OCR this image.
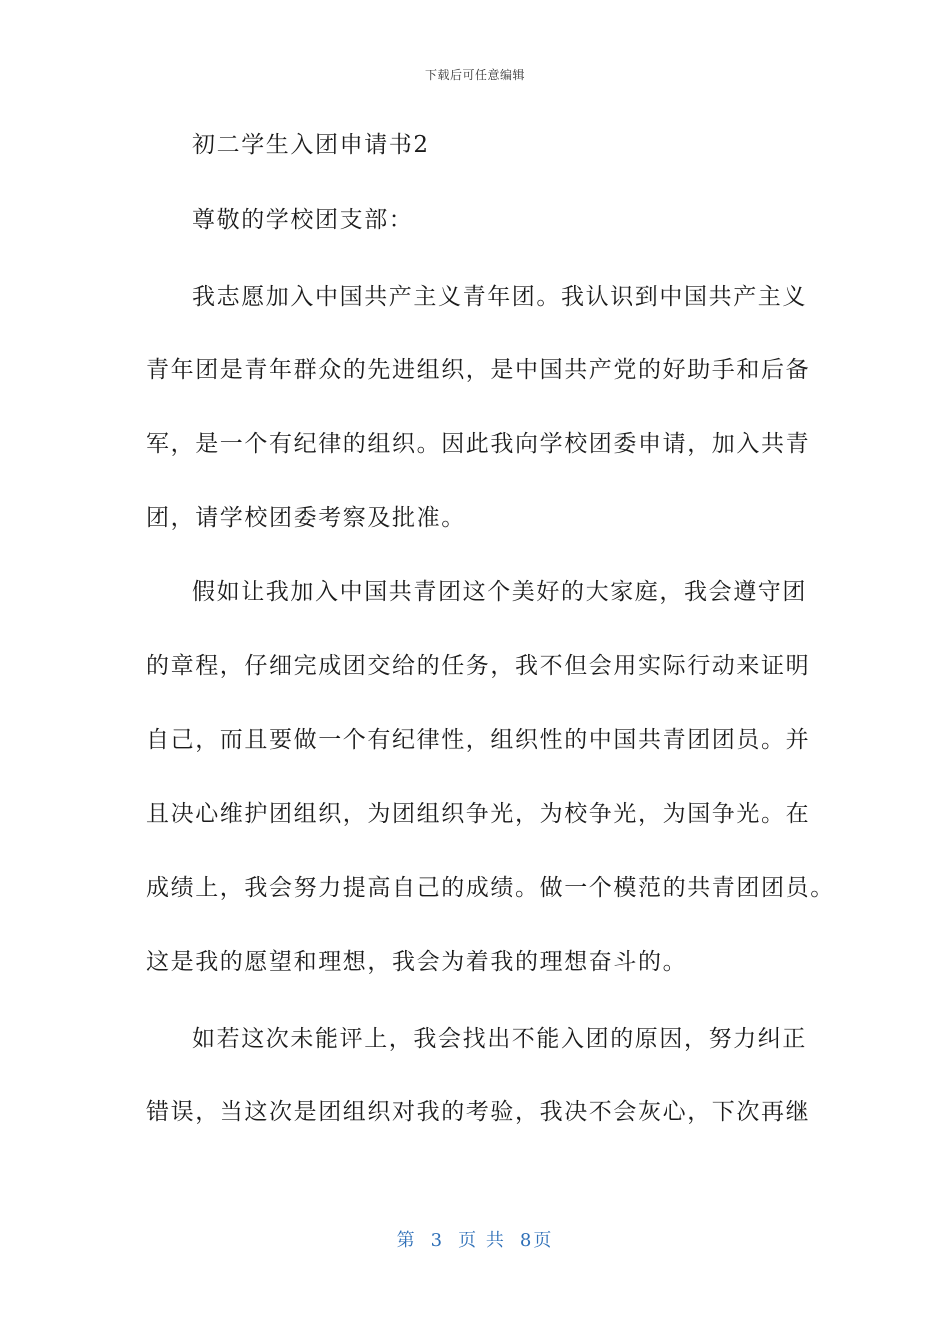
下载后可任意编辑
初二学生入团申请书2
尊敬的学校团支部：
我志愿加入中国共产主义青年团。我认识到中国共产主义
青年团是青年群众的先进组织，是中国共产党的好助手和后备
军，是一个有纪律的组织。因此我向学校团委申请，加入共青
团，请学校团委考察及批准。
假如让我加入中国共青团这个美好的大家庭，我会遵守团
的章程，仔细完成团交给的任务，我不但会用实际行动来证明
自己，而且要做一个有纪律性，组织性的中国共青团团员。并
且决心维护团组织，为团组织争光，为校争光，为国争光。在
成绩上，我会努力提高自己的成绩。做一个模范的共青团团员。
这是我的愿望和理想，我会为着我的理想奋斗的。
如若这次未能评上，我会找出不能入团的原因，努力纠正
错误，当这次是团组织对我的考验，我决不会灰心，下次再继
第 3 页 共 8页
